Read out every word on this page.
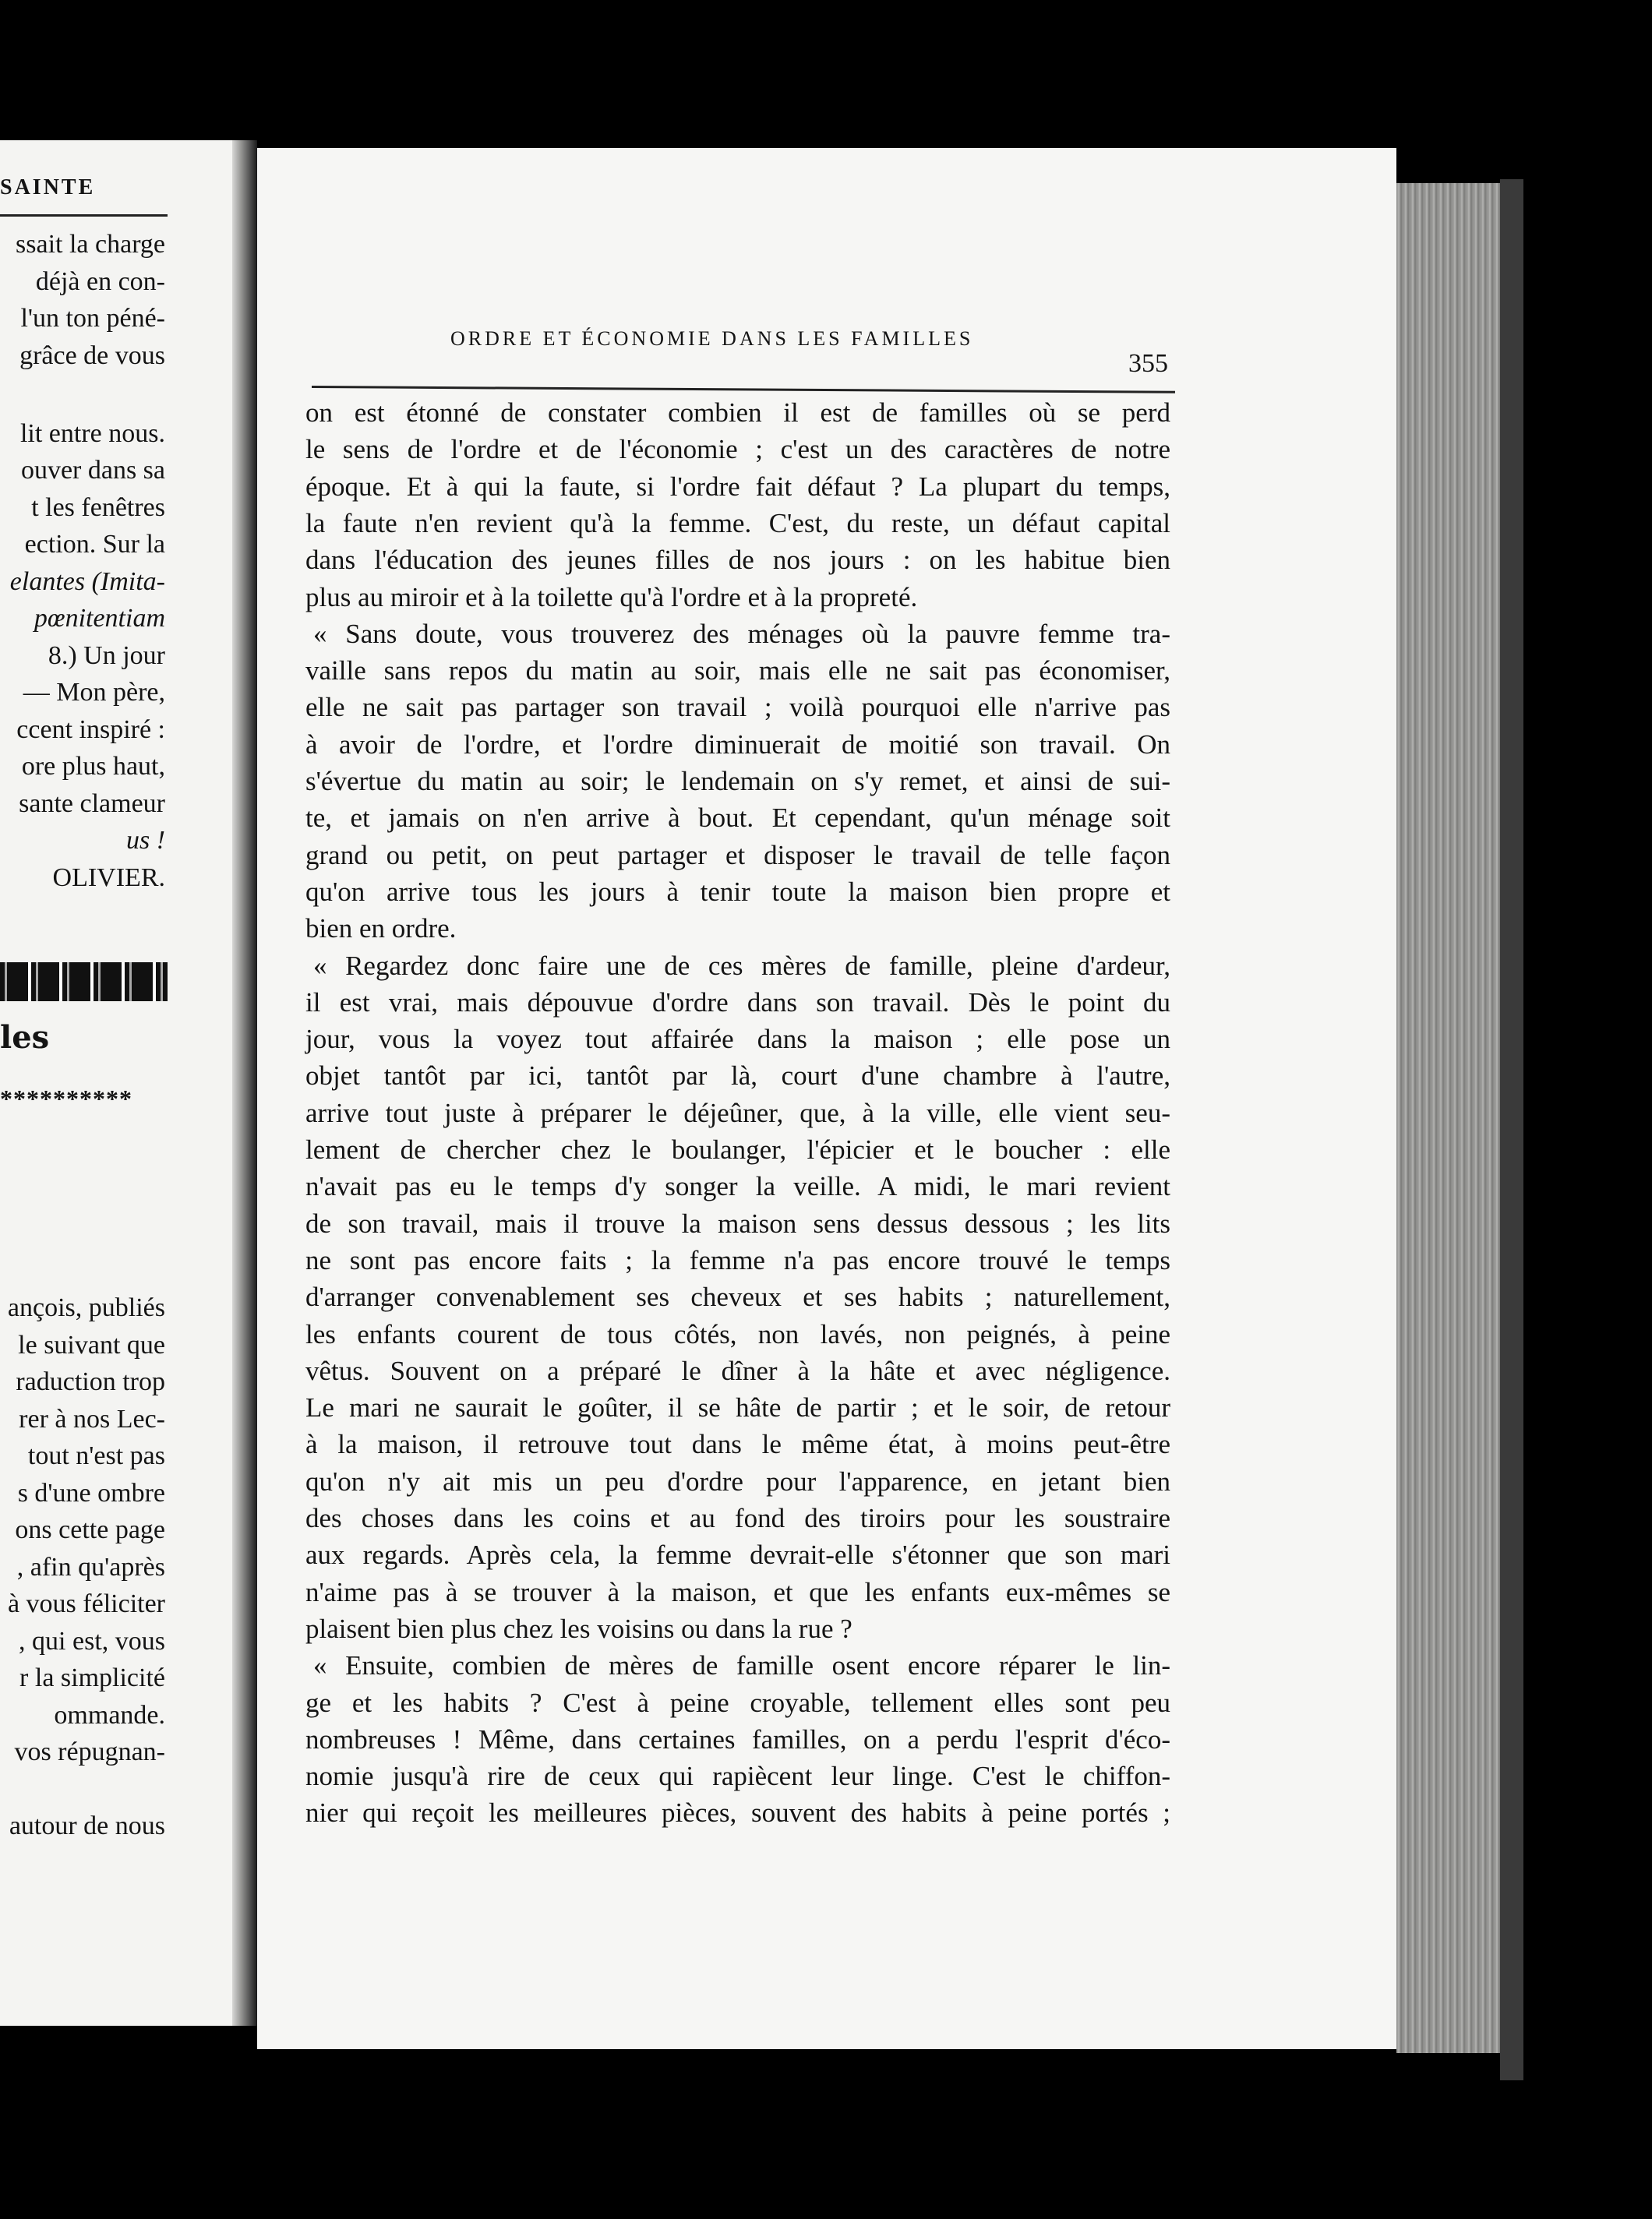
SAINTE
ssait la charge
déjà en con-
l'un ton péné-
grâce de vous
lit entre nous.
ouver dans sa
t les fenêtres
ection. Sur la
elantes (Imita-
pœnitentiam
8.) Un jour
— Mon père,
ccent inspiré :
ore plus haut,
sante clameur
us !
OLIVIER.
les
**********
ançois, publiés
le suivant que
raduction trop
rer à nos Lec-
tout n'est pas
s d'une ombre
ons cette page
, afin qu'après
à vous féliciter
, qui est, vous
r la simplicité
ommande.
vos répugnan-
autour de nous
ORDRE ET ÉCONOMIE DANS LES FAMILLES
355
on est étonné de constater combien il est de familles où se perd
le sens de l'ordre et de l'économie ; c'est un des caractères de notre
époque. Et à qui la faute, si l'ordre fait défaut ? La plupart du temps,
la faute n'en revient qu'à la femme. C'est, du reste, un défaut capital
dans l'éducation des jeunes filles de nos jours : on les habitue bien
plus au miroir et à la toilette qu'à l'ordre et à la propreté.
« Sans doute, vous trouverez des ménages où la pauvre femme tra-
vaille sans repos du matin au soir, mais elle ne sait pas économiser,
elle ne sait pas partager son travail ; voilà pourquoi elle n'arrive pas
à avoir de l'ordre, et l'ordre diminuerait de moitié son travail. On
s'évertue du matin au soir; le lendemain on s'y remet, et ainsi de sui-
te, et jamais on n'en arrive à bout. Et cependant, qu'un ménage soit
grand ou petit, on peut partager et disposer le travail de telle façon
qu'on arrive tous les jours à tenir toute la maison bien propre et
bien en ordre.
« Regardez donc faire une de ces mères de famille, pleine d'ardeur,
il est vrai, mais dépouvue d'ordre dans son travail. Dès le point du
jour, vous la voyez tout affairée dans la maison ; elle pose un
objet tantôt par ici, tantôt par là, court d'une chambre à l'autre,
arrive tout juste à préparer le déjeûner, que, à la ville, elle vient seu-
lement de chercher chez le boulanger, l'épicier et le boucher : elle
n'avait pas eu le temps d'y songer la veille. A midi, le mari revient
de son travail, mais il trouve la maison sens dessus dessous ; les lits
ne sont pas encore faits ; la femme n'a pas encore trouvé le temps
d'arranger convenablement ses cheveux et ses habits ; naturellement,
les enfants courent de tous côtés, non lavés, non peignés, à peine
vêtus. Souvent on a préparé le dîner à la hâte et avec négligence.
Le mari ne saurait le goûter, il se hâte de partir ; et le soir, de retour
à la maison, il retrouve tout dans le même état, à moins peut-être
qu'on n'y ait mis un peu d'ordre pour l'apparence, en jetant bien
des choses dans les coins et au fond des tiroirs pour les soustraire
aux regards. Après cela, la femme devrait-elle s'étonner que son mari
n'aime pas à se trouver à la maison, et que les enfants eux-mêmes se
plaisent bien plus chez les voisins ou dans la rue ?
« Ensuite, combien de mères de famille osent encore réparer le lin-
ge et les habits ? C'est à peine croyable, tellement elles sont peu
nombreuses ! Même, dans certaines familles, on a perdu l'esprit d'éco-
nomie jusqu'à rire de ceux qui rapiècent leur linge. C'est le chiffon-
nier qui reçoit les meilleures pièces, souvent des habits à peine portés ;
